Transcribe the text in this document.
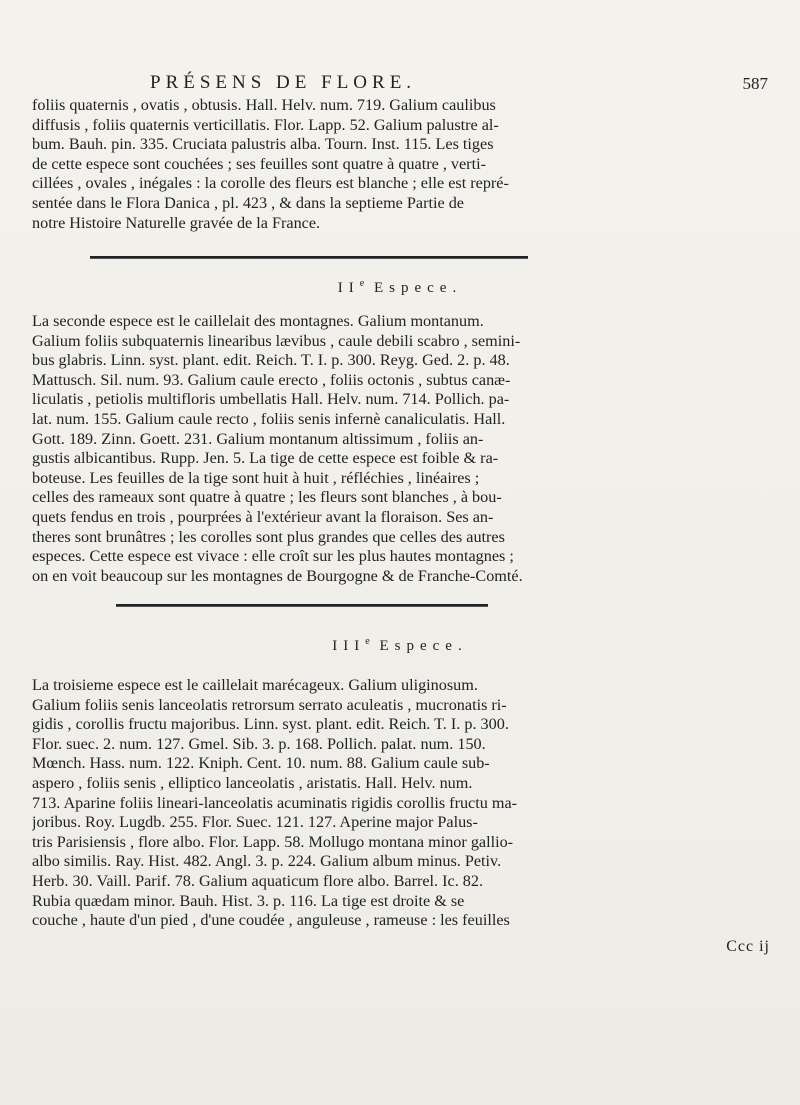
PRÉSENS DE FLORE.	587

foliis quaternis , ovatis , obtusis. Hall. Helv. num. 719. Galium caulibus
diffusis , foliis quaternis verticillatis. Flor. Lapp. 52. Galium palustre al-
bum. Bauh. pin. 335. Cruciata palustris alba. Tourn. Inst. 115. Les tiges
de cette espece sont couchées ; ses feuilles sont quatre à quatre , verti-
cillées , ovales , inégales : la corolle des fleurs est blanche ; elle est repré-
sentée dans le Flora Danica , pl. 423 , & dans la septieme Partie de
notre Histoire Naturelle gravée de la France.

IIe Espece.

La seconde espece est le caillelait des montagnes. Galium montanum.
Galium foliis subquaternis linearibus lævibus , caule debili scabro , semini-
bus glabris. Linn. syst. plant. edit. Reich. T. I. p. 300. Reyg. Ged. 2. p. 48.
Mattusch. Sil. num. 93. Galium caule erecto , foliis octonis , subtus canæ-
liculatis , petiolis multifloris umbellatis Hall. Helv. num. 714. Pollich. pa-
lat. num. 155. Galium caule recto , foliis senis infernè canaliculatis. Hall.
Gott. 189. Zinn. Goett. 231. Galium montanum altissimum , foliis an-
gustis albicantibus. Rupp. Jen. 5. La tige de cette espece est foible & ra-
boteuse. Les feuilles de la tige sont huit à huit , réfléchies , linéaires ;
celles des rameaux sont quatre à quatre ; les fleurs sont blanches , à bou-
quets fendus en trois , pourprées à l'extérieur avant la floraison. Ses an-
theres sont brunâtres ; les corolles sont plus grandes que celles des autres
especes. Cette espece est vivace : elle croît sur les plus hautes montagnes ;
on en voit beaucoup sur les montagnes de Bourgogne & de Franche-Comté.

IIIe Espece.

La troisieme espece est le caillelait marécageux. Galium uliginosum.
Galium foliis senis lanceolatis retrorsum serrato aculeatis , mucronatis ri-
gidis , corollis fructu majoribus. Linn. syst. plant. edit. Reich. T. I. p. 300.
Flor. suec. 2. num. 127. Gmel. Sib. 3. p. 168. Pollich. palat. num. 150.
Mœnch. Hass. num. 122. Kniph. Cent. 10. num. 88. Galium caule sub-
aspero , foliis senis , elliptico lanceolatis , aristatis. Hall. Helv. num.
713. Aparine foliis lineari-lanceolatis acuminatis rigidis corollis fructu ma-
joribus. Roy. Lugdb. 255. Flor. Suec. 121. 127. Aperine major Palus-
tris Parisiensis , flore albo. Flor. Lapp. 58. Mollugo montana minor gallio-
albo similis. Ray. Hist. 482. Angl. 3. p. 224. Galium album minus. Petiv.
Herb. 30. Vaill. Parif. 78. Galium aquaticum flore albo. Barrel. Ic. 82.
Rubia quædam minor. Bauh. Hist. 3. p. 116. La tige est droite & se
couche , haute d'un pied , d'une coudée , anguleuse , rameuse : les feuilles

Ccc ij
